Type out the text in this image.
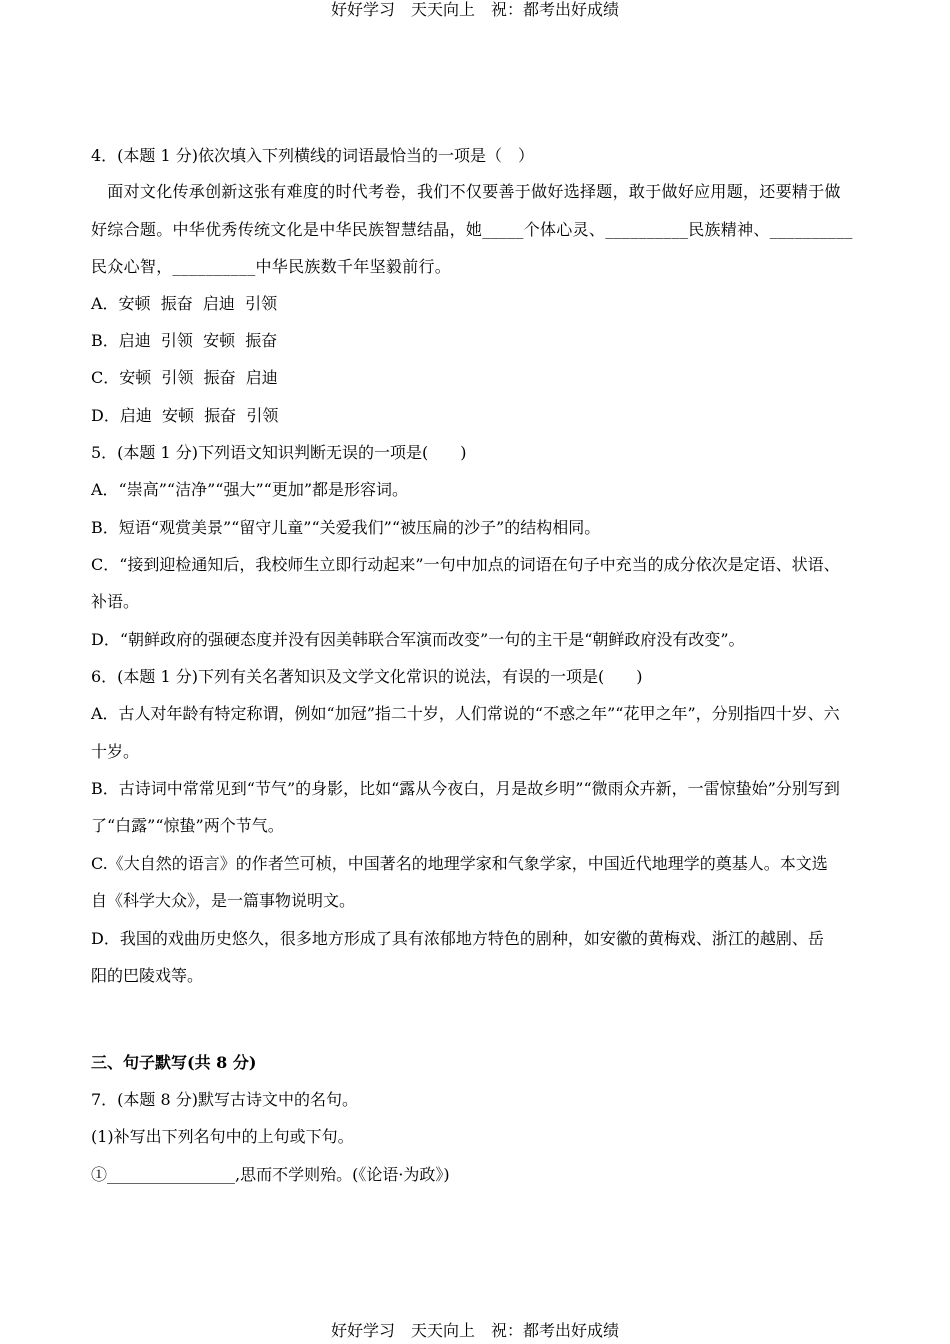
好好学习　天天向上　祝：都考出好成绩
4．(本题 1 分)依次填入下列横线的词语最恰当的一项是（　）
　面对文化传承创新这张有难度的时代考卷，我们不仅要善于做好选择题，敢于做好应用题，还要精于做
好综合题。中华优秀传统文化是中华民族智慧结晶，她_____个体心灵、__________民族精神、__________
民众心智，__________中华民族数千年坚毅前行。
A．安顿  振奋  启迪  引领
B．启迪  引领  安顿  振奋
C．安顿  引领  振奋  启迪
D．启迪  安顿  振奋  引领
5．(本题 1 分)下列语文知识判断无误的一项是(　　)
A．“崇高”“洁净”“强大”“更加”都是形容词。
B．短语“观赏美景”“留守儿童”“关爱我们”“被压扁的沙子”的结构相同。
C．“接到迎检通知后，我校师生立即行动起来”一句中加点的词语在句子中充当的成分依次是定语、状语、
补语。
D．“朝鲜政府的强硬态度并没有因美韩联合军演而改变”一句的主干是“朝鲜政府没有改变”。
6．(本题 1 分)下列有关名著知识及文学文化常识的说法，有误的一项是(　　)
A．古人对年龄有特定称谓，例如“加冠”指二十岁，人们常说的“不惑之年”“花甲之年”，分别指四十岁、六
十岁。
B．古诗词中常常见到“节气”的身影，比如“露从今夜白，月是故乡明”“微雨众卉新，一雷惊蛰始”分别写到
了“白露”“惊蛰”两个节气。
C.《大自然的语言》的作者竺可桢，中国著名的地理学家和气象学家，中国近代地理学的奠基人。本文选
自《科学大众》，是一篇事物说明文。
D．我国的戏曲历史悠久，很多地方形成了具有浓郁地方特色的剧种，如安徽的黄梅戏、浙江的越剧、岳
阳的巴陵戏等。
三、句子默写(共 8 分)
7．(本题 8 分)默写古诗文中的名句。
(1)补写出下列名句中的上句或下句。
①________________,思而不学则殆。(《论语·为政》)
好好学习　天天向上　祝：都考出好成绩
